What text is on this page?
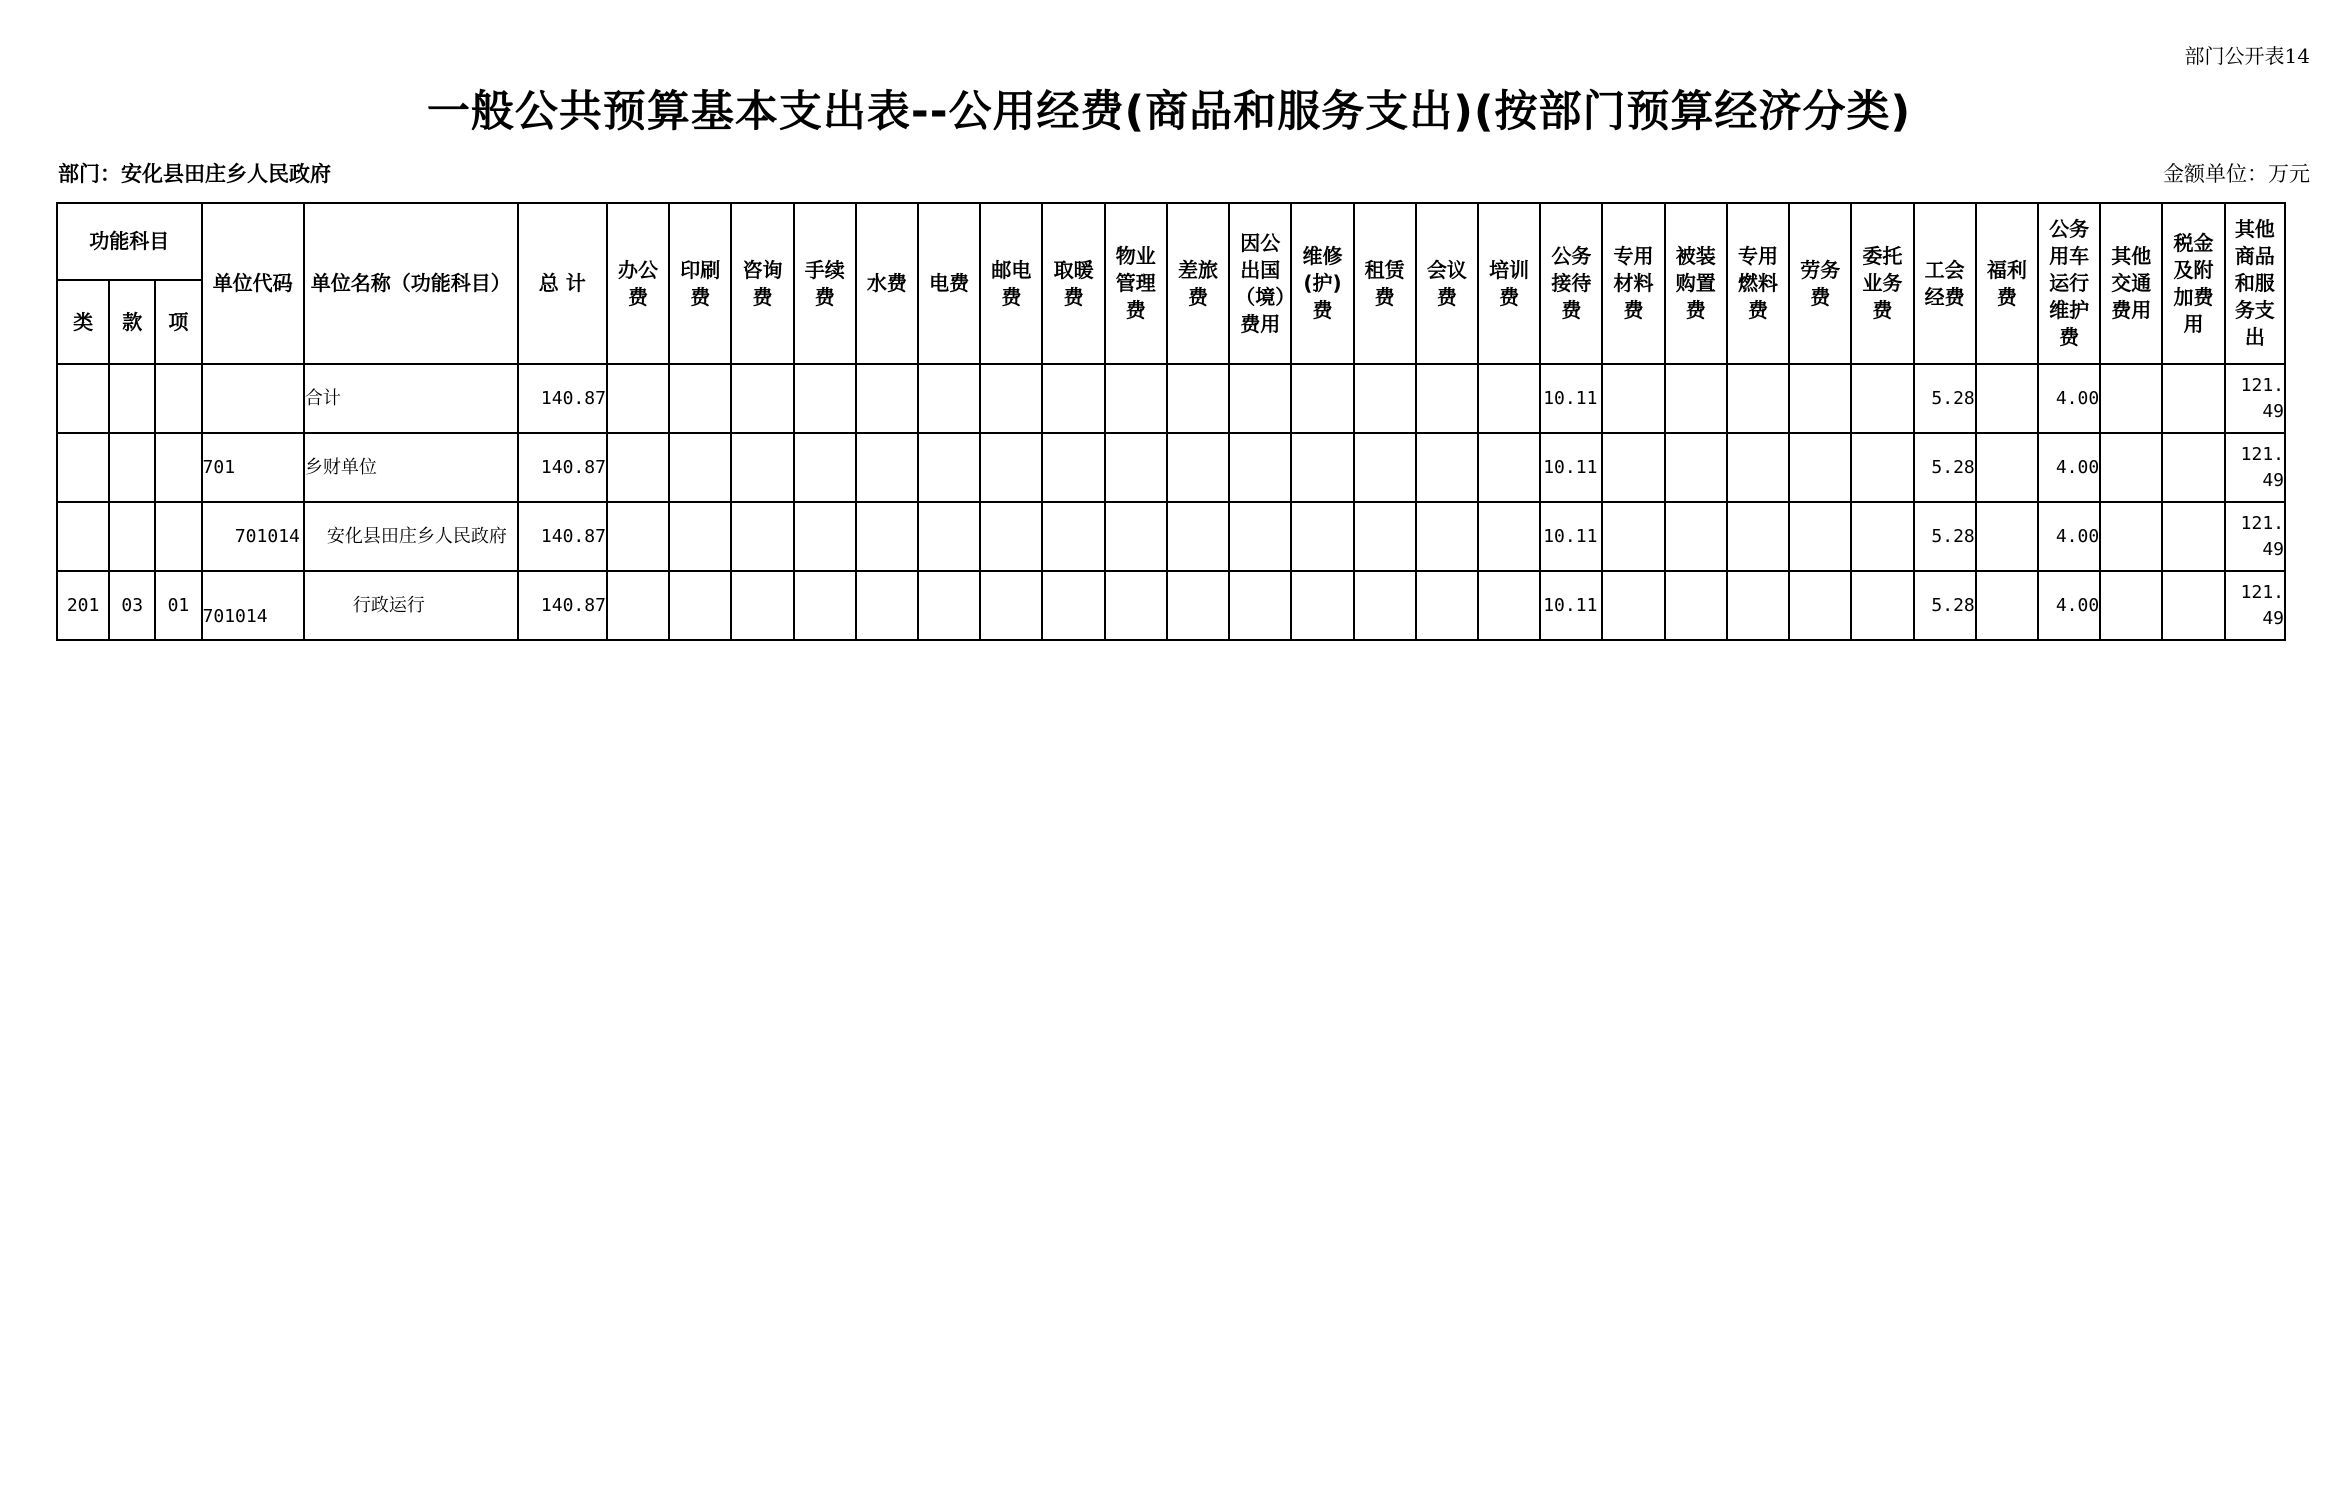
部门公开表14
一般公共预算基本支出表--公用经费(商品和服务支出)(按部门预算经济分类)
部门：安化县田庄乡人民政府	金额单位：万元
功能科目			单位代码	单位名称（功能科目）	总 计	办公费	印刷费	咨询费	手续费	水费	电费	邮电费	取暖费	物业管理费	差旅费	因公出国（境）费用	维修(护)费	租赁费	会议费	培训费	公务接待费	专用材料费	被装购置费	专用燃料费	劳务费	委托业务费	工会经费	福利费	公务用车运行维护费	其他交通费用	税金及附加费用	其他商品和服务支出
类	款	项																														
				合计	140.87																10.11						5.28		4.00			121.
49

			701	乡财单位	140.87																10.11						5.28		4.00			121.
49

			701014	安化县田庄乡人民政府	140.87																10.11						5.28		4.00			121.
49

201	03	01	701014	行政运行	140.87																10.11						5.28		4.00			121.
49
